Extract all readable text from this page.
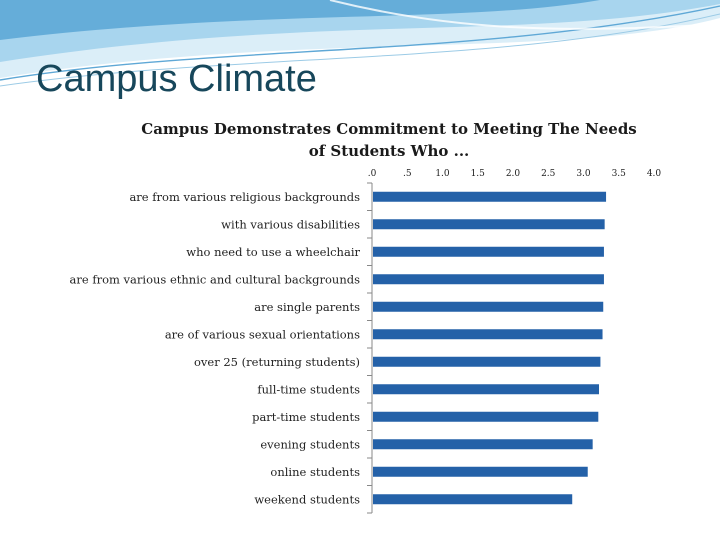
Campus Climate
Campus Demonstrates Commitment to Meeting The Needs
of Students Who ...
.0	.5	1.0 1.5 2.0 2.5 3.0 3.5 4.0
are from various religious backgrounds
with various disabilities
who need to use a wheelchair
are from various ethnic and cultural backgrounds
are single parents
are of various sexual orientations
over 25 (returning students)
full-time students
part-time students
evening students
online students
weekend students
